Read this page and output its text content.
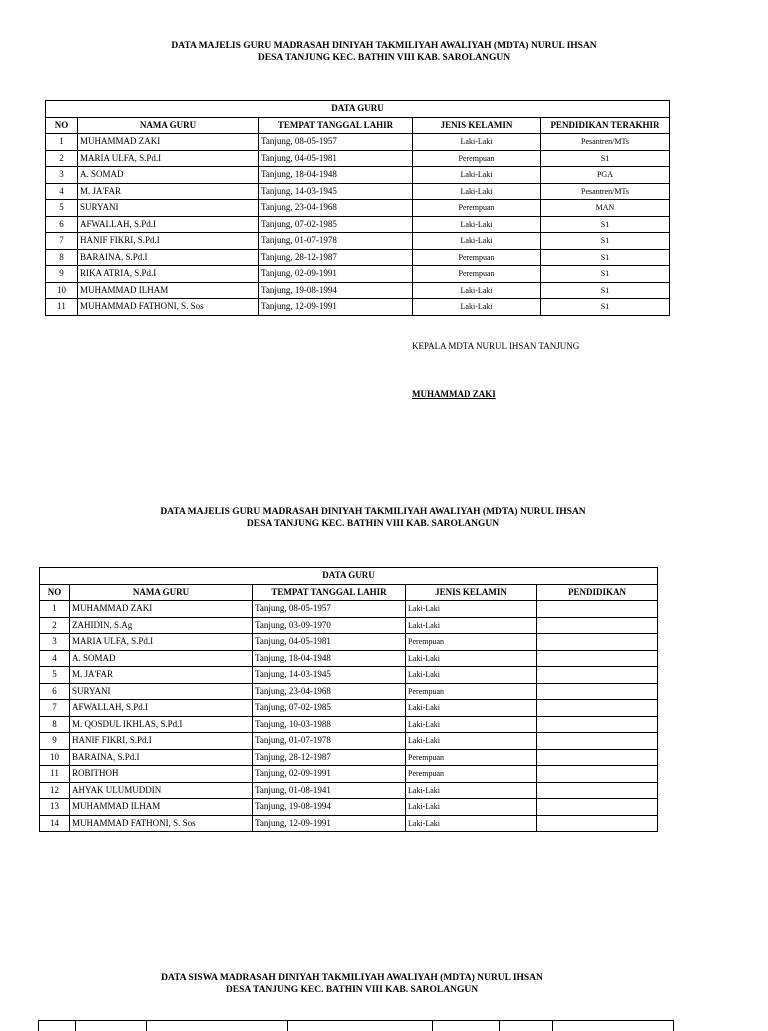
DATA MAJELIS GURU MADRASAH DINIYAH TAKMILIYAH AWALIYAH (MDTA) NURUL IHSAN
DESA TANJUNG KEC. BATHIN VIII KAB. SAROLANGUN
DATA GURU				
NO	NAMA GURU	TEMPAT TANGGAL LAHIR	JENIS KELAMIN	PENDIDIKAN TERAKHIR
1	MUHAMMAD ZAKI	Tanjung, 08-05-1957	Laki-Laki	Pesantren/MTs
2	MARIA ULFA, S.Pd.I	Tanjung, 04-05-1981	Perempuan	S1
3	A. SOMAD	Tanjung, 18-04-1948	Laki-Laki	PGA
4	M. JA'FAR	Tanjung, 14-03-1945	Laki-Laki	Pesantren/MTs
5	SURYANI	Tanjung, 23-04-1968	Perempuan	MAN
6	AFWALLAH, S.Pd.I	Tanjung, 07-02-1985	Laki-Laki	S1
7	HANIF FIKRI, S.Pd.I	Tanjung, 01-07-1978	Laki-Laki	S1
8	BARAINA, S.Pd.I	Tanjung, 28-12-1987	Perempuan	S1
9	RIKA ATRIA, S.Pd.I	Tanjung, 02-09-1991	Perempuan	S1
10	MUHAMMAD ILHAM	Tanjung, 19-08-1994	Laki-Laki	S1
11	MUHAMMAD FATHONI, S. Sos	Tanjung, 12-09-1991	Laki-Laki	S1
KEPALA MDTA NURUL IHSAN TANJUNG
MUHAMMAD ZAKI
DATA MAJELIS GURU MADRASAH DINIYAH TAKMILIYAH AWALIYAH (MDTA) NURUL IHSAN
DESA TANJUNG KEC. BATHIN VIII KAB. SAROLANGUN
DATA GURU				
NO	NAMA GURU	TEMPAT TANGGAL LAHIR	JENIS KELAMIN	PENDIDIKAN
1	MUHAMMAD ZAKI	Tanjung, 08-05-1957	Laki-Laki	
2	ZAHIDIN, S.Ag	Tanjung, 03-09-1970	Laki-Laki	
3	MARIA ULFA, S.Pd.I	Tanjung, 04-05-1981	Perempuan	
4	A. SOMAD	Tanjung, 18-04-1948	Laki-Laki	
5	M. JA'FAR	Tanjung, 14-03-1945	Laki-Laki	
6	SURYANI	Tanjung, 23-04-1968	Perempuan	
7	AFWALLAH, S.Pd.I	Tanjung, 07-02-1985	Laki-Laki	
8	M. QOSDUL IKHLAS, S.Pd.I	Tanjung, 10-03-1988	Laki-Laki	
9	HANIF FIKRI, S.Pd.I	Tanjung, 01-07-1978	Laki-Laki	
10	BARAINA, S.Pd.I	Tanjung, 28-12-1987	Perempuan	
11	ROBITHOH	Tanjung, 02-09-1991	Perempuan	
12	AHYAK ULUMUDDIN	Tanjung, 01-08-1941	Laki-Laki	
13	MUHAMMAD ILHAM	Tanjung, 19-08-1994	Laki-Laki	
14	MUHAMMAD FATHONI, S. Sos	Tanjung, 12-09-1991	Laki-Laki	
DATA SISWA MADRASAH DINIYAH TAKMILIYAH AWALIYAH (MDTA) NURUL IHSAN
DESA TANJUNG KEC. BATHIN VIII KAB. SAROLANGUN
